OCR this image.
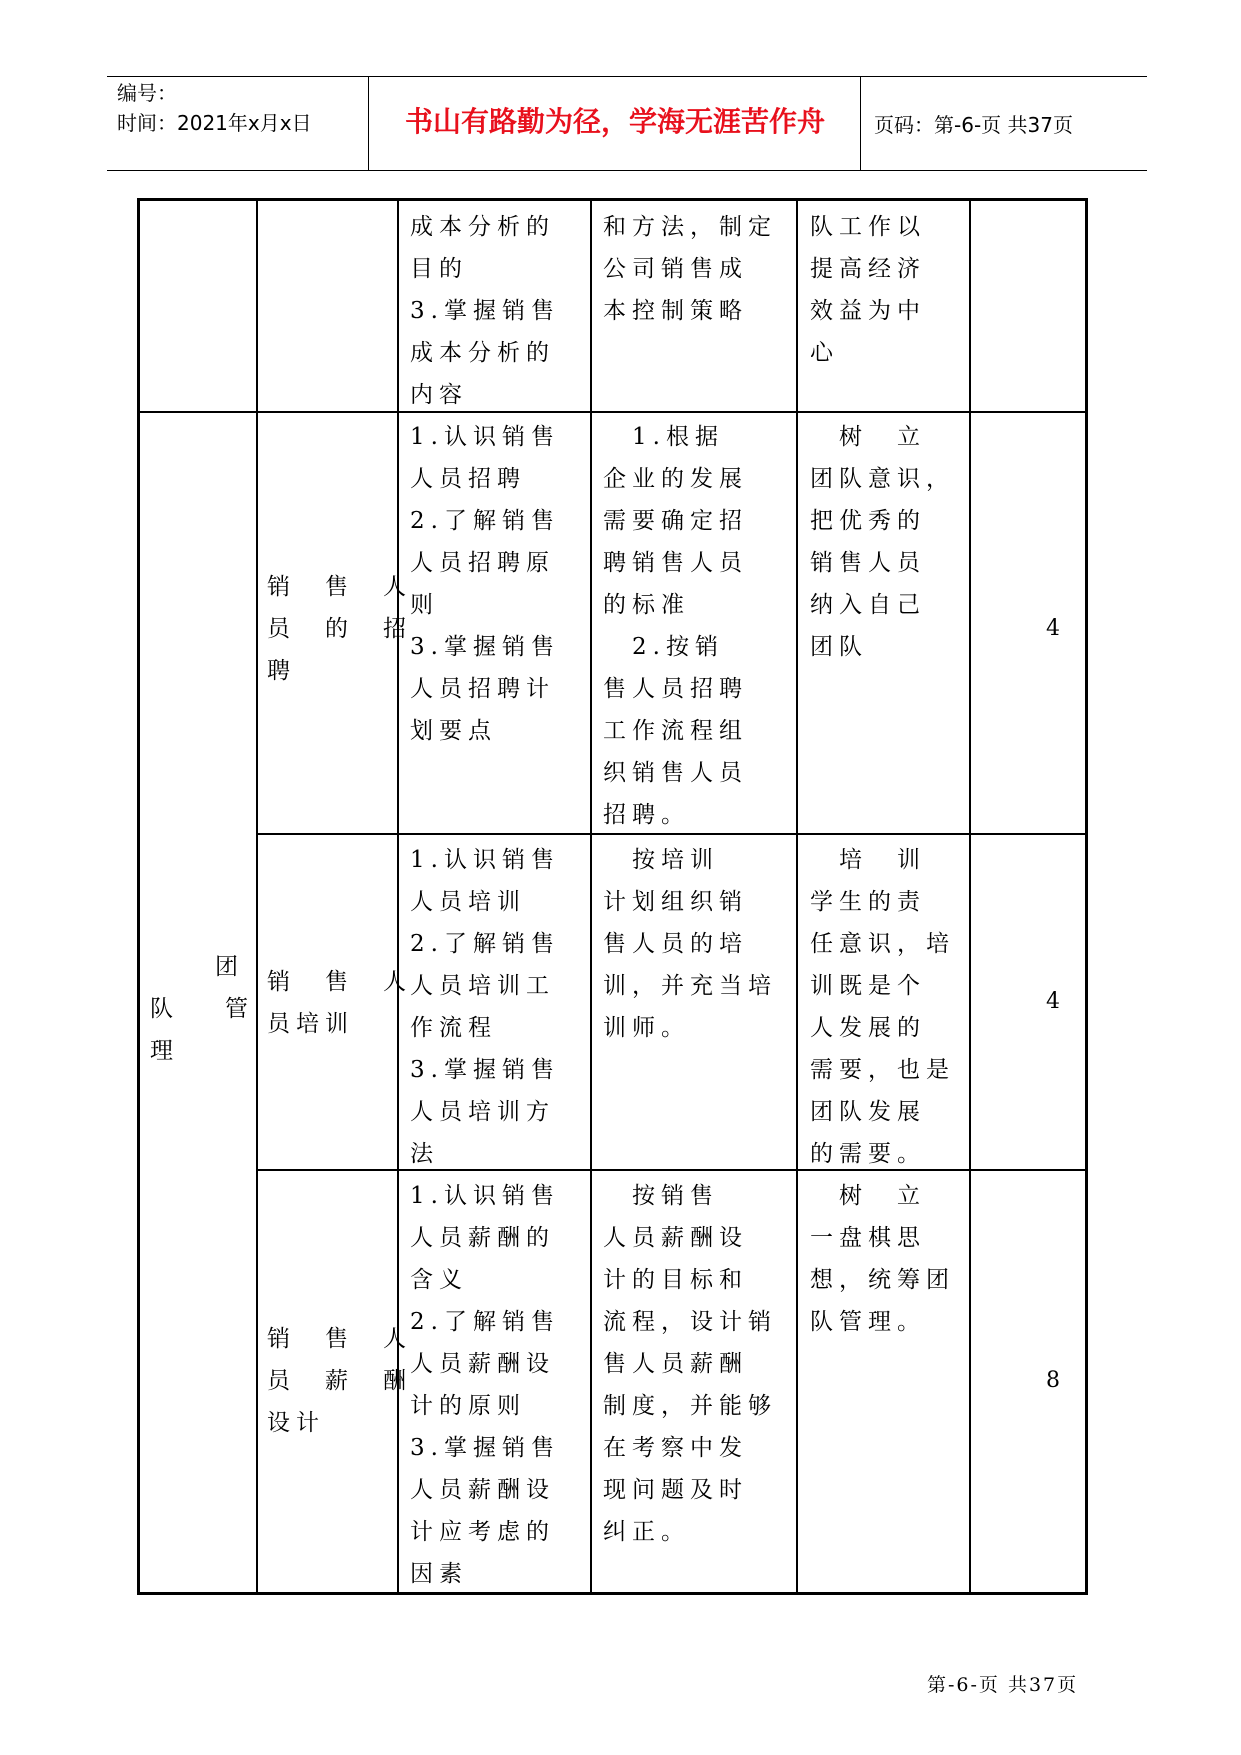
编号：
时间：2021年x月x日	书山有路勤为径，学海无涯苦作舟	页码：第-6-页 共37页
成本分析的
目的
3.掌握销售
成本分析的
内容
和方法，制定
公司销售成
本控制策略
队工作以
提高经济
效益为中
心
团
队　　管
理
销　售　人
员　的　招
聘
1.认识销售
人员招聘
2.了解销售
人员招聘原
则
3.掌握销售
人员招聘计
划要点
　1.根据
企业的发展
需要确定招
聘销售人员
的标准
　2.按销
售人员招聘
工作流程组
织销售人员
招聘。
　树　立
团队意识，
把优秀的
销售人员
纳入自己
团队
4
销　售　人
员培训
1.认识销售
人员培训
2.了解销售
人员培训工
作流程
3.掌握销售
人员培训方
法
　按培训
计划组织销
售人员的培
训，并充当培
训师。
　培　训
学生的责
任意识，培
训既是个
人发展的
需要，也是
团队发展
的需要。
4
销　售　人
员　薪　酬
设计
1.认识销售
人员薪酬的
含义
2.了解销售
人员薪酬设
计的原则
3.掌握销售
人员薪酬设
计应考虑的
因素
　按销售
人员薪酬设
计的目标和
流程，设计销
售人员薪酬
制度，并能够
在考察中发
现问题及时
纠正。
　树　立
一盘棋思
想，统筹团
队管理。
8
第-6-页 共37页
